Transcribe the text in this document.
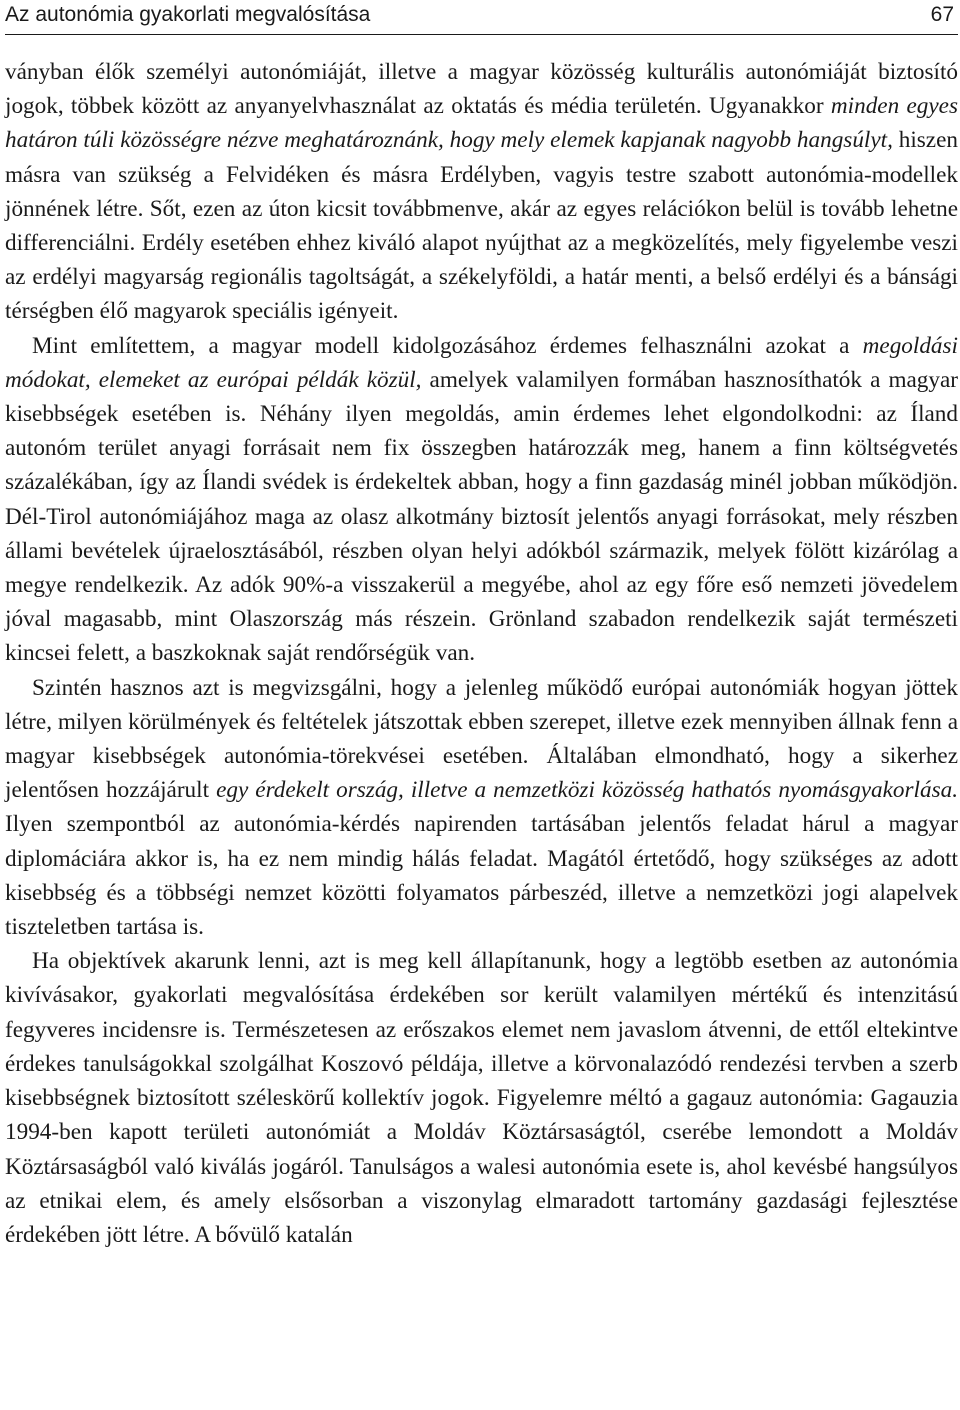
Az autonómia gyakorlati megvalósítása	67

ványban élők személyi autonómiáját, illetve a magyar közösség kulturális autonómiáját biztosító jogok, többek között az anyanyelvhasználat az oktatás és média területén. Ugyanakkor minden egyes határon túli közösségre nézve meghatároznánk, hogy mely elemek kapjanak nagyobb hangsúlyt, hiszen másra van szükség a Felvidéken és másra Erdélyben, vagyis testre szabott autonómia-modellek jönnének létre. Sőt, ezen az úton kicsit továbbmenve, akár az egyes relációkon belül is tovább lehetne differenciálni. Erdély esetében ehhez kiváló alapot nyújthat az a megközelítés, mely figyelembe veszi az erdélyi magyarság regionális tagoltságát, a székelyföldi, a határ menti, a belső erdélyi és a bánsági térségben élő magyarok speciális igényeit.

Mint említettem, a magyar modell kidolgozásához érdemes felhasználni azokat a megoldási módokat, elemeket az európai példák közül, amelyek valamilyen formában hasznosíthatók a magyar kisebbségek esetében is. Néhány ilyen megoldás, amin érdemes lehet elgondolkodni: az Íland autonóm terület anyagi forrásait nem fix összegben határozzák meg, hanem a finn költségvetés százalékában, így az Ílandi svédek is érdekeltek abban, hogy a finn gazdaság minél jobban működjön. Dél-Tirol autonómiájához maga az olasz alkotmány biztosít jelentős anyagi forrásokat, mely részben állami bevételek újraelosztásából, részben olyan helyi adókból származik, melyek fölött kizárólag a megye rendelkezik. Az adók 90%-a visszakerül a megyébe, ahol az egy főre eső nemzeti jövedelem jóval magasabb, mint Olaszország más részein. Grönland szabadon rendelkezik saját természeti kincsei felett, a baszkoknak saját rendőrségük van.

Szintén hasznos azt is megvizsgálni, hogy a jelenleg működő európai autonómiák hogyan jöttek létre, milyen körülmények és feltételek játszottak ebben szerepet, illetve ezek mennyiben állnak fenn a magyar kisebbségek autonómia-törekvései esetében. Általában elmondható, hogy a sikerhez jelentősen hozzájárult egy érdekelt ország, illetve a nemzetközi közösség hathatós nyomásgyakorlása. Ilyen szempontból az autonómia-kérdés napirenden tartásában jelentős feladat hárul a magyar diplomáciára akkor is, ha ez nem mindig hálás feladat. Magától értetődő, hogy szükséges az adott kisebbség és a többségi nemzet közötti folyamatos párbeszéd, illetve a nemzetközi jogi alapelvek tiszteletben tartása is.

Ha objektívek akarunk lenni, azt is meg kell állapítanunk, hogy a legtöbb esetben az autonómia kivívásakor, gyakorlati megvalósítása érdekében sor került valamilyen mértékű és intenzitású fegyveres incidensre is. Természetesen az erőszakos elemet nem javaslom átvenni, de ettől eltekintve érdekes tanulságokkal szolgálhat Koszovó példája, illetve a körvonalazódó rendezési tervben a szerb kisebbségnek biztosított széleskörű kollektív jogok. Figyelemre méltó a gagauz autonómia: Gagauzia 1994-ben kapott területi autonómiát a Moldáv Köztársaságtól, cserébe lemondott a Moldáv Köztársaságból való kiválás jogáról. Tanulságos a walesi autonómia esete is, ahol kevésbé hangsúlyos az etnikai elem, és amely elsősorban a viszonylag elmaradott tartomány gazdasági fejlesztése érdekében jött létre. A bővülő katalán
